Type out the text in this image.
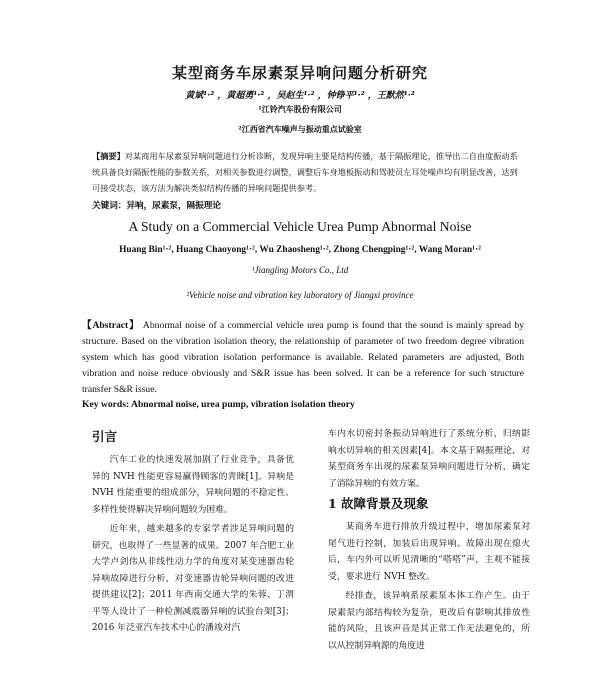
某型商务车尿素泵异响问题分析研究
黄斌¹·² ，黄超勇¹·² ，吴赵生¹·² ，钟铮平¹·² ，王默然¹·²
¹江铃汽车股份有限公司
²江西省汽车噪声与振动重点试验室
【摘要】对某商用车尿素泵异响问题进行分析诊断，发现异响主要是结构传播，基于隔振理论，推导出二自由度振动系统具备良好隔振性能的参数关系，对相关参数进行调整，调整后车身地板振动和驾驶员左耳处噪声均有明显改善，达到可接受状态，该方法为解决类似结构传播的异响问题提供参考。
关键词：异响，尿素泵，隔振理论
A Study on a Commercial Vehicle Urea Pump Abnormal Noise
Huang Bin¹·², Huang Chaoyong¹·², Wu Zhaosheng¹·², Zhong Chengping¹·², Wang Moran¹·²
¹Jiangling Motors Co., Ltd
²Vehicle noise and vibration key laboratory of Jiangxi province
【Abstract】 Abnormal noise of a commercial vehicle urea pump is found that the sound is mainly spread by structure. Based on the vibration isolation theory, the relationship of parameter of two freedom degree vibration system which has good vibration isolation performance is available. Related parameters are adjusted, Both vibration and noise reduce obviously and S&R issue has been solved. It can be a reference for such structure transfer S&R issue.
Key words: Abnormal noise, urea pump, vibration isolation theory
引言

汽车工业的快速发展加剧了行业竞争，具备优异的 NVH 性能更容易赢得顾客的青睐[1]。异响是 NVH 性能重要的组成部分，异响问题的不稳定性、多样性使得解决异响问题较为困难。

近年来，越来越多的专家学者涉足异响问题的研究，也取得了一些显著的成果。2007 年合肥工业大学卢剑伟从非线性动力学的角度对某变速器齿轮异响故障进行分析，对变速器齿轮异响问题的改进提供建议[2]；2011 年西南交通大学的朱蓉、丁渭平等人设计了一种检测减震器异响的试验台架[3]；2016 年泛亚汽车技术中心的潘竣对汽

车内水切密封条振动异响进行了系统分析，归纳影响水切异响的相关因素[4]。本文基于隔振理论，对某型商务车出现的尿素泵异响问题进行分析，确定了消除异响的有效方案。

1 故障背景及现象

某商务车进行排放升级过程中，增加尿素泵对尾气进行控制，加装后出现异响。故障出现在熄火后，车内外可以听见清晰的“嗒嗒”声，主观不能接受，要求进行 NVH 整改。

经排查，该异响系尿素泵本体工作产生。由于尿素泵内部结构较为复杂，更改后有影响其排放性能的风险，且该声音是其正常工作无法避免的，所以从控制异响源的角度进
